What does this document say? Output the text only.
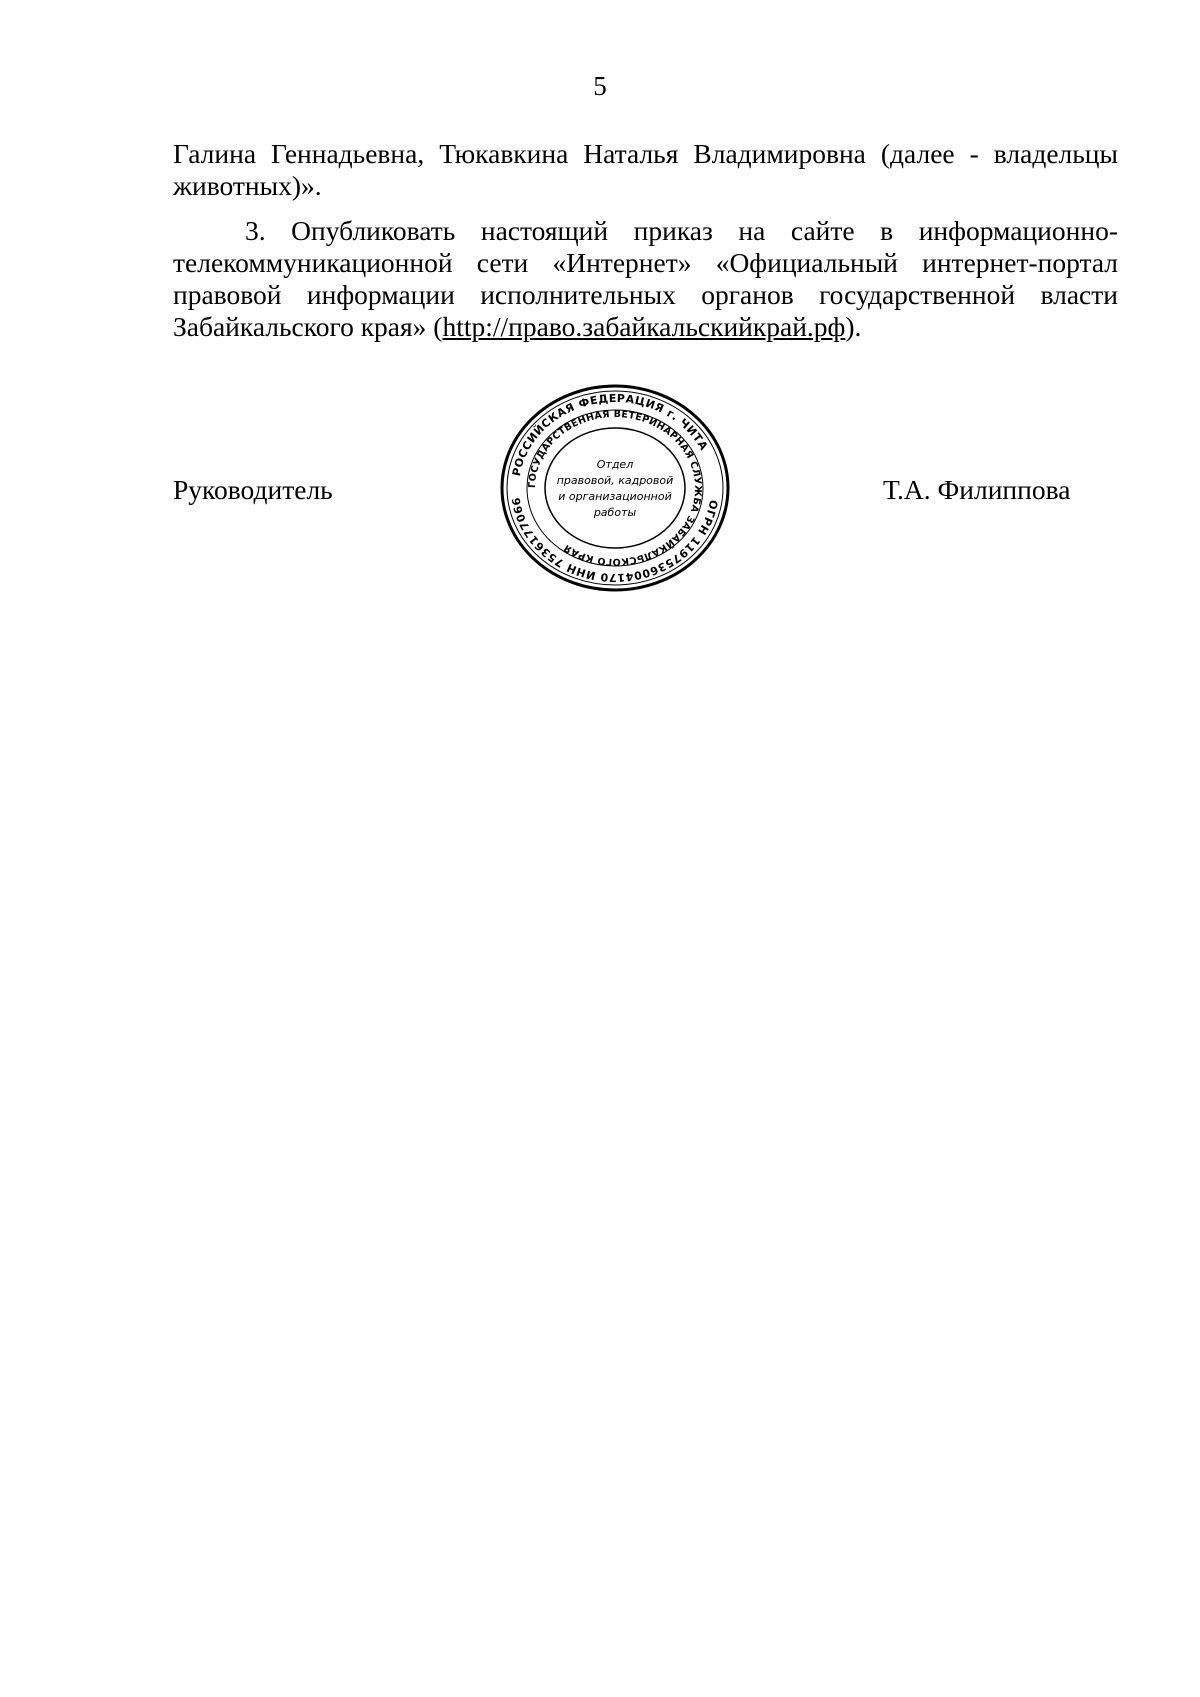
5

Галина Геннадьевна, Тюкавкина Наталья Владимировна (далее - владельцы животных)».

3. Опубликовать настоящий приказ на сайте в информационно-телекоммуникационной сети «Интернет» «Официальный интернет-портал правовой информации исполнительных органов государственной власти Забайкальского края» (http://право.забайкальскийкрай.рф).

Руководитель
РОССИЙСКАЯ ФЕДЕРАЦИЯ г. ЧИТА
ОГРН 1197536004170 ИНН 7536177066
ГОСУДАРСТВЕННАЯ ВЕТЕРИНАРНАЯ СЛУЖБА ЗАБАЙКАЛЬСКОГО КРАЯ
Отдел
правовой, кадровой
и организационной
работы
Т.А. Филиппова
